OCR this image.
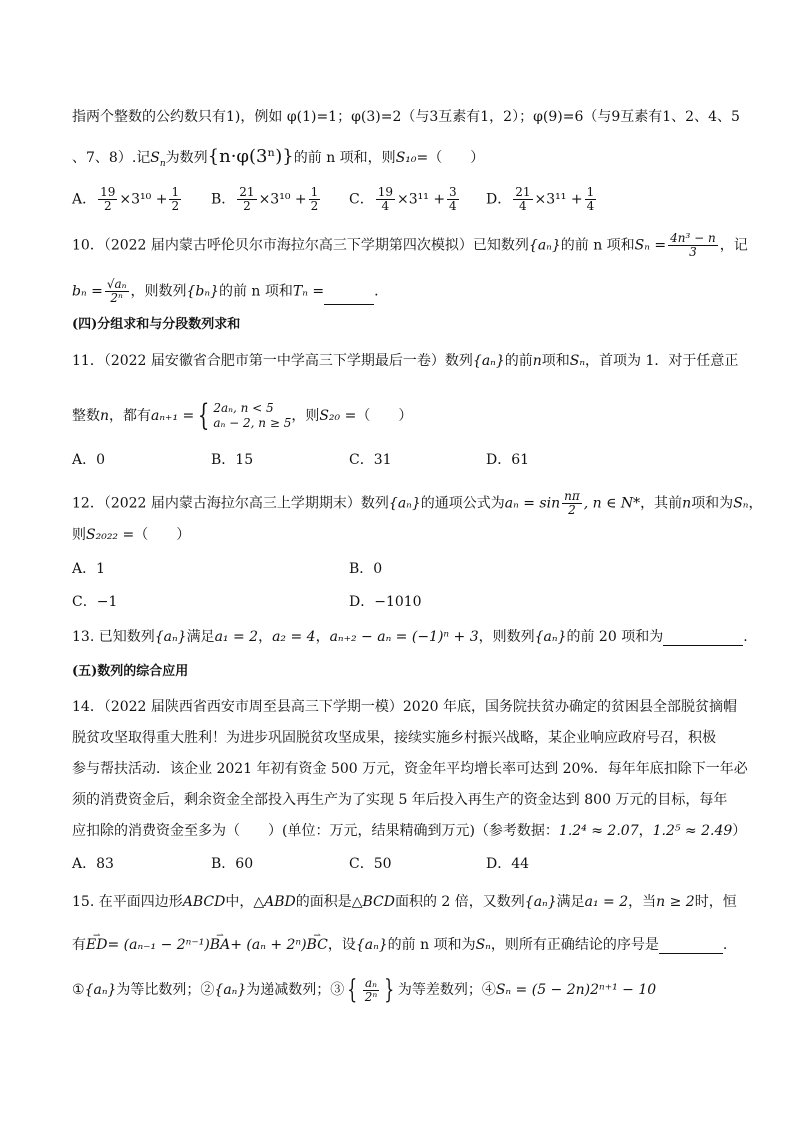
指两个整数的公约数只有1)，例如 φ(1)=1；φ(3)=2（与3互素有1，2）；φ(9)=6（与9互素有1、2、4、5
、7、8）.记$S_n$为数列{n·φ(3ⁿ)}的前 n 项和，则S₁₀=（　　）
A． $\frac{19}{2} \times 3^{10} + \frac{1}{2}$ B． $\frac{21}{2} \times 3^{10} + \frac{1}{2}$ C． $\frac{19}{4} \times 3^{11} + \frac{3}{4}$ D． $\frac{21}{4} \times 3^{11} + \frac{1}{4}$
10．（2022 届内蒙古呼伦贝尔市海拉尔高三下学期第四次模拟）已知数列{aₙ}的前 n 项和$S_n = \frac{\text{4n³ − n}}{3}$ ，记
$b_n = \frac{\text{√aₙ}}{\text{2ⁿ}}$ ，则数列{bₙ}的前 n 项和Tₙ =	.
(四)分组求和与分段数列求和
11．（2022 届安徽省合肥市第一中学高三下学期最后一卷）数列{aₙ}的前n项和Sₙ，首项为 1．对于任意正
整数n，都有aₙ₊₁ = { 2aₙ, n < 5
aₙ − 2, n ≥ 5 ，则S₂₀ =（　　）
A．0	B．15	C．31	D．61
12．（2022 届内蒙古海拉尔高三上学期期末）数列{aₙ}的通项公式为$a_n = \sin \frac{n\pi}{2}$ , n ∈ N*，其前n项和为Sₙ，
则S₂₀₂₂ =（　　）
A．1	B．0
C．−1	D．−1010
13. 已知数列{aₙ}满足a₁ = 2，a₂ = 4，aₙ₊₂ − aₙ = (−1)ⁿ + 3，则数列{aₙ}的前 20 项和为	.
(五)数列的综合应用
14．（2022 届陕西省西安市周至县高三下学期一模）2020 年底，国务院扶贫办确定的贫困县全部脱贫摘帽
脱贫攻坚取得重大胜利！为进步巩固脱贫攻坚成果，接续实施乡村振兴战略，某企业响应政府号召，积极
参与帮扶活动．该企业 2021 年初有资金 500 万元，资金年平均增长率可达到 20%．每年年底扣除下一年必
须的消费资金后，剩余资金全部投入再生产为了实现 5 年后投入再生产的资金达到 800 万元的目标，每年
应扣除的消费资金至多为（　　）(单位：万元，结果精确到万元)（参考数据：1.2⁴ ≈ 2.07，1.2⁵ ≈ 2.49）
A．83	B．60	C．50	D．44
15. 在平面四边形ABCD中，△ABD的面积是△BCD面积的 2 倍，又数列{aₙ}满足a₁ = 2，当n ≥ 2时，恒
有⇀ ED= (aₙ₋₁ − 2ⁿ⁻¹)⇀ BA+ (aₙ + 2ⁿ)⇀ BC，设{aₙ}的前 n 项和为Sₙ，则所有正确结论的序号是	.
①{aₙ}为等比数列；②{aₙ}为递减数列；③ { $\frac{\text{aₙ}}{\text{2ⁿ}}$ } 为等差数列；④Sₙ = (5 − 2n)2ⁿ⁺¹ − 10
